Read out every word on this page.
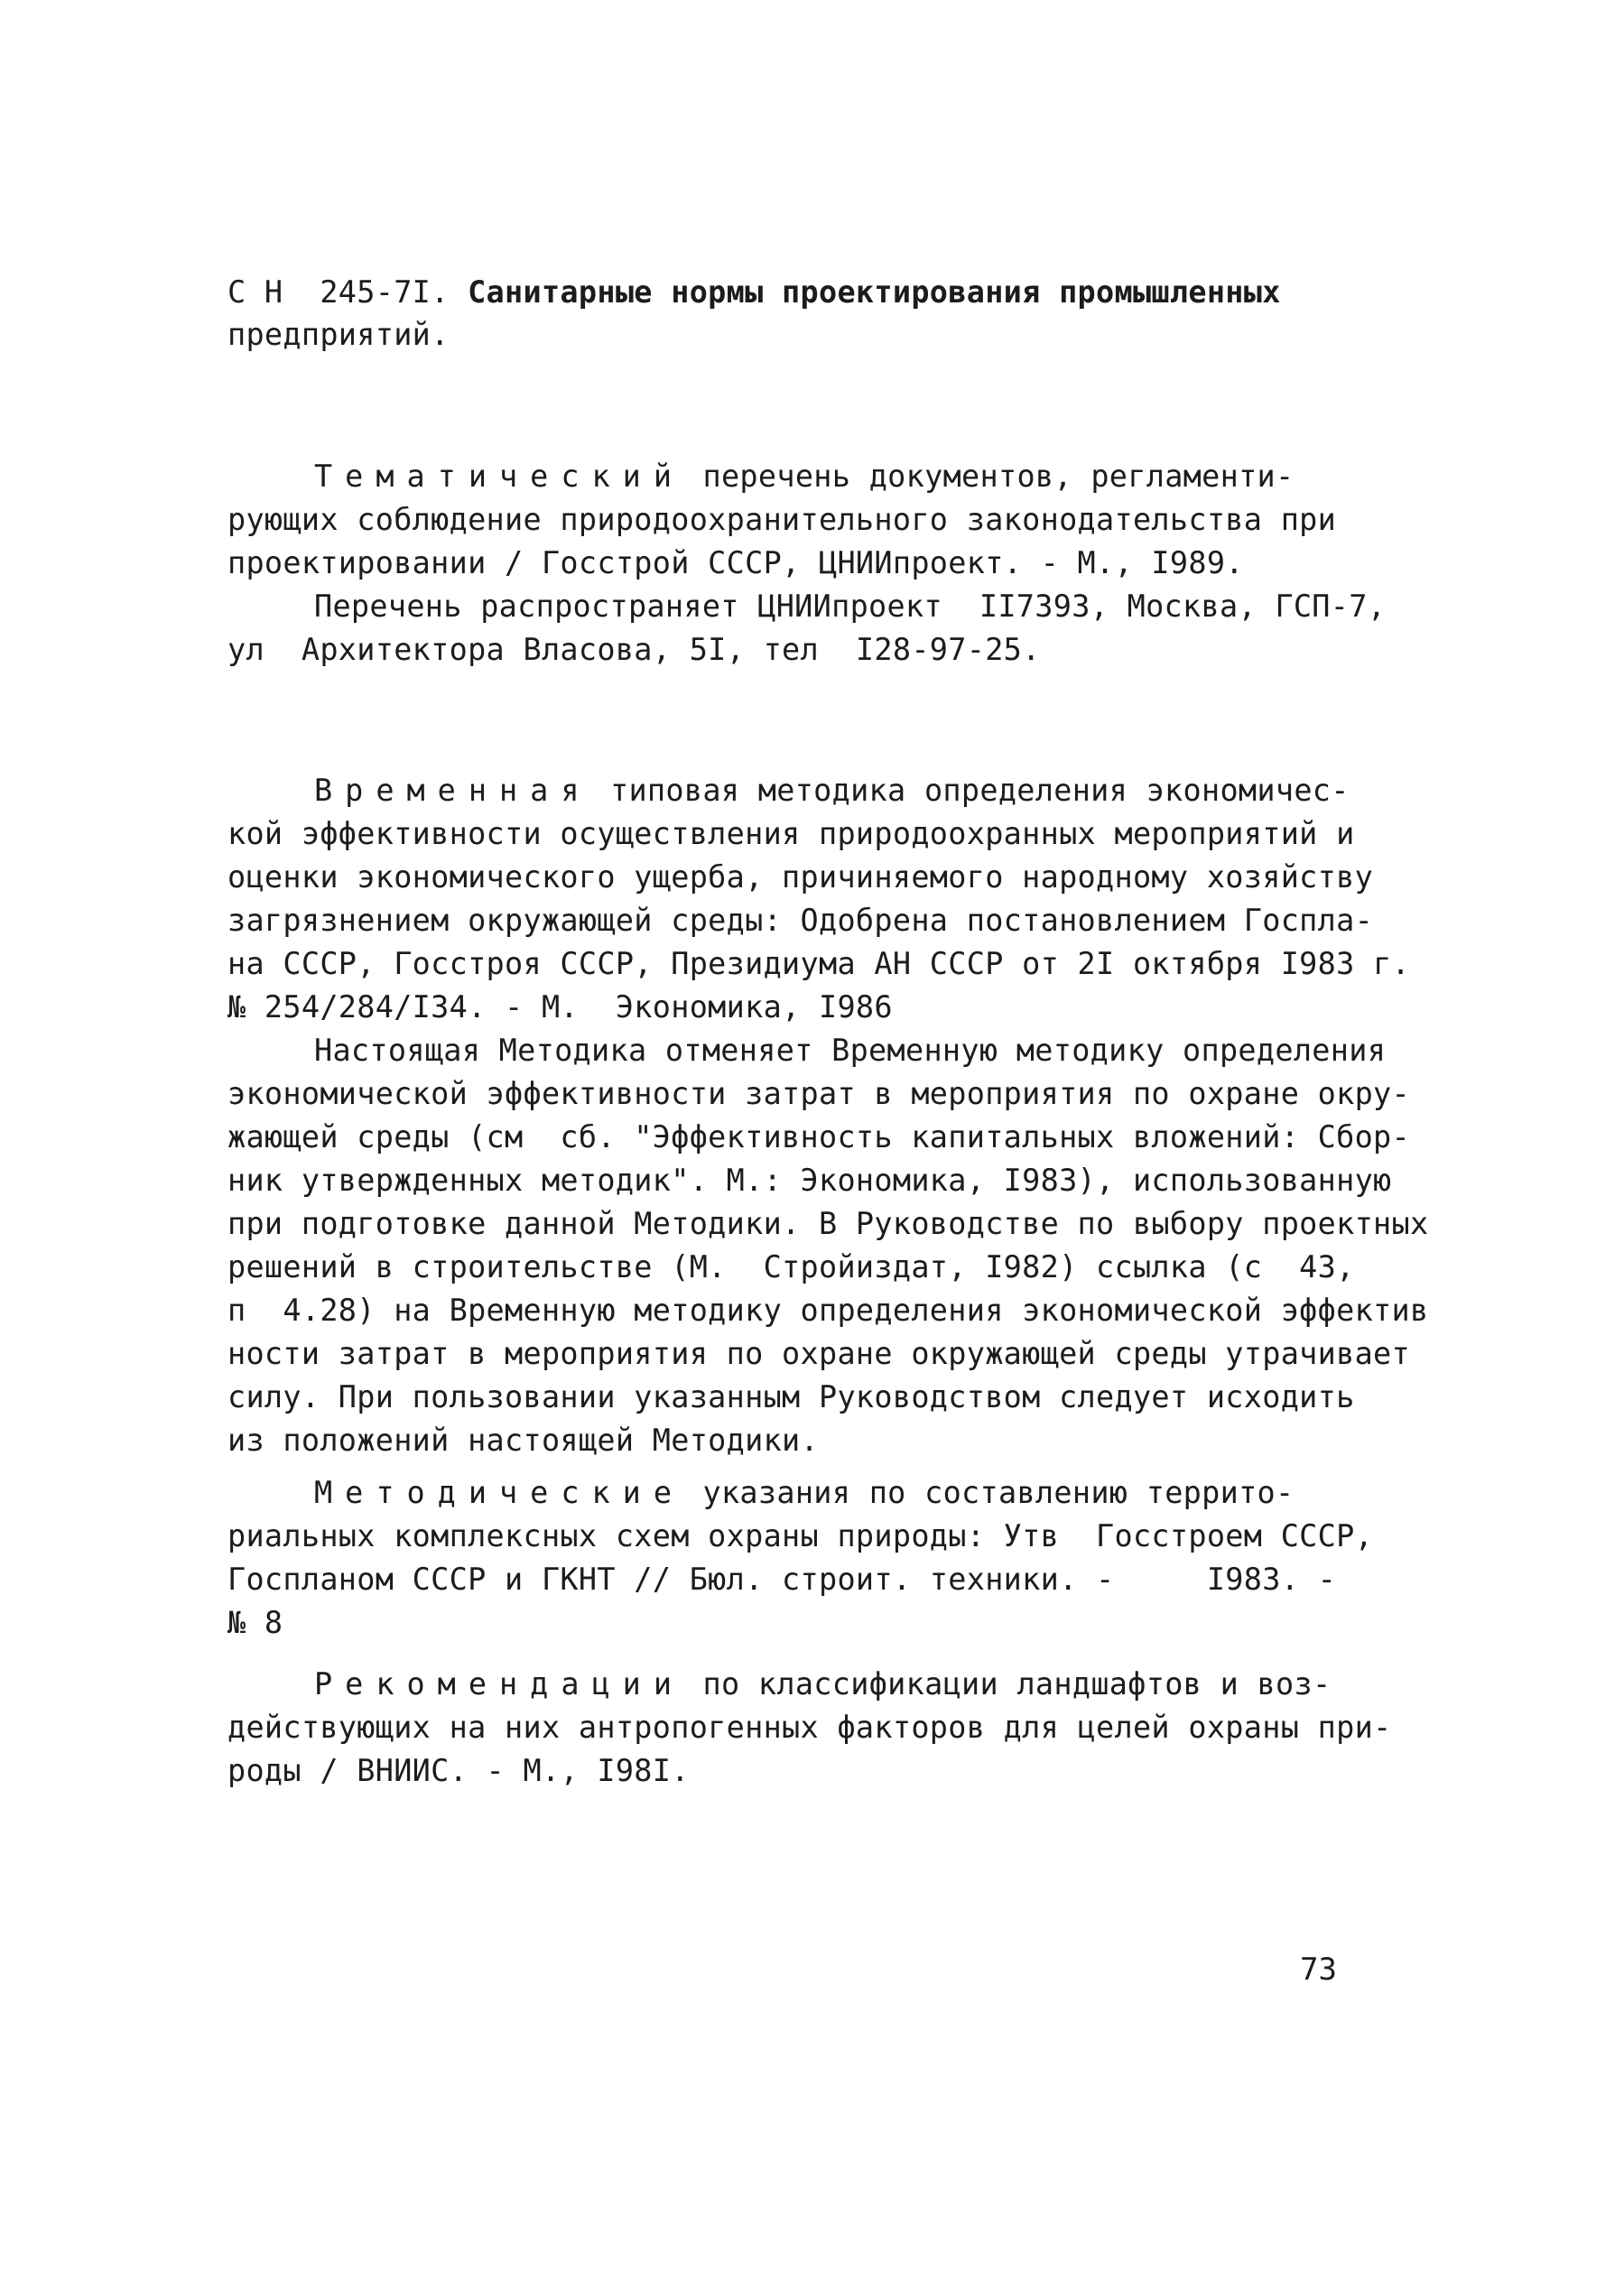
С Н  245-7I. Санитарные нормы проектирования промышленных
предприятий.
Тематический перечень документов, регламенти-
рующих соблюдение природоохранительного законодательства при
проектировании / Госстрой СССР, ЦНИИпроект. - М., I989.
Перечень распространяет ЦНИИпроект  II7393, Москва, ГСП-7,
ул  Архитектора Власова, 5I, тел  I28-97-25.
Временная типовая методика определения экономичес-
кой эффективности осуществления природоохранных мероприятий и
оценки экономического ущерба, причиняемого народному хозяйству
загрязнением окружающей среды: Одобрена постановлением Госпла-
на СССР, Госстроя СССР, Президиума АН СССР от 2I октября I983 г.
№ 254/284/I34. - М.  Экономика, I986
Настоящая Методика отменяет Временную методику определения
экономической эффективности затрат в мероприятия по охране окру-
жающей среды (см  сб. "Эффективность капитальных вложений: Сбор-
ник утвержденных методик". М.: Экономика, I983), использованную
при подготовке данной Методики. В Руководстве по выбору проектных
решений в строительстве (М.  Стройиздат, I982) ссылка (с  43,
п  4.28) на Временную методику определения экономической эффектив
ности затрат в мероприятия по охране окружающей среды утрачивает
силу. При пользовании указанным Руководством следует исходить
из положений настоящей Методики.
Методические указания по составлению террито-
риальных комплексных схем охраны природы: Утв  Госстроем СССР,
Госпланом СССР и ГКНТ // Бюл. строит. техники. -     I983. -
№ 8
Рекомендации по классификации ландшафтов и воз-
действующих на них антропогенных факторов для целей охраны при-
роды / ВНИИС. - М., I98I.
73
